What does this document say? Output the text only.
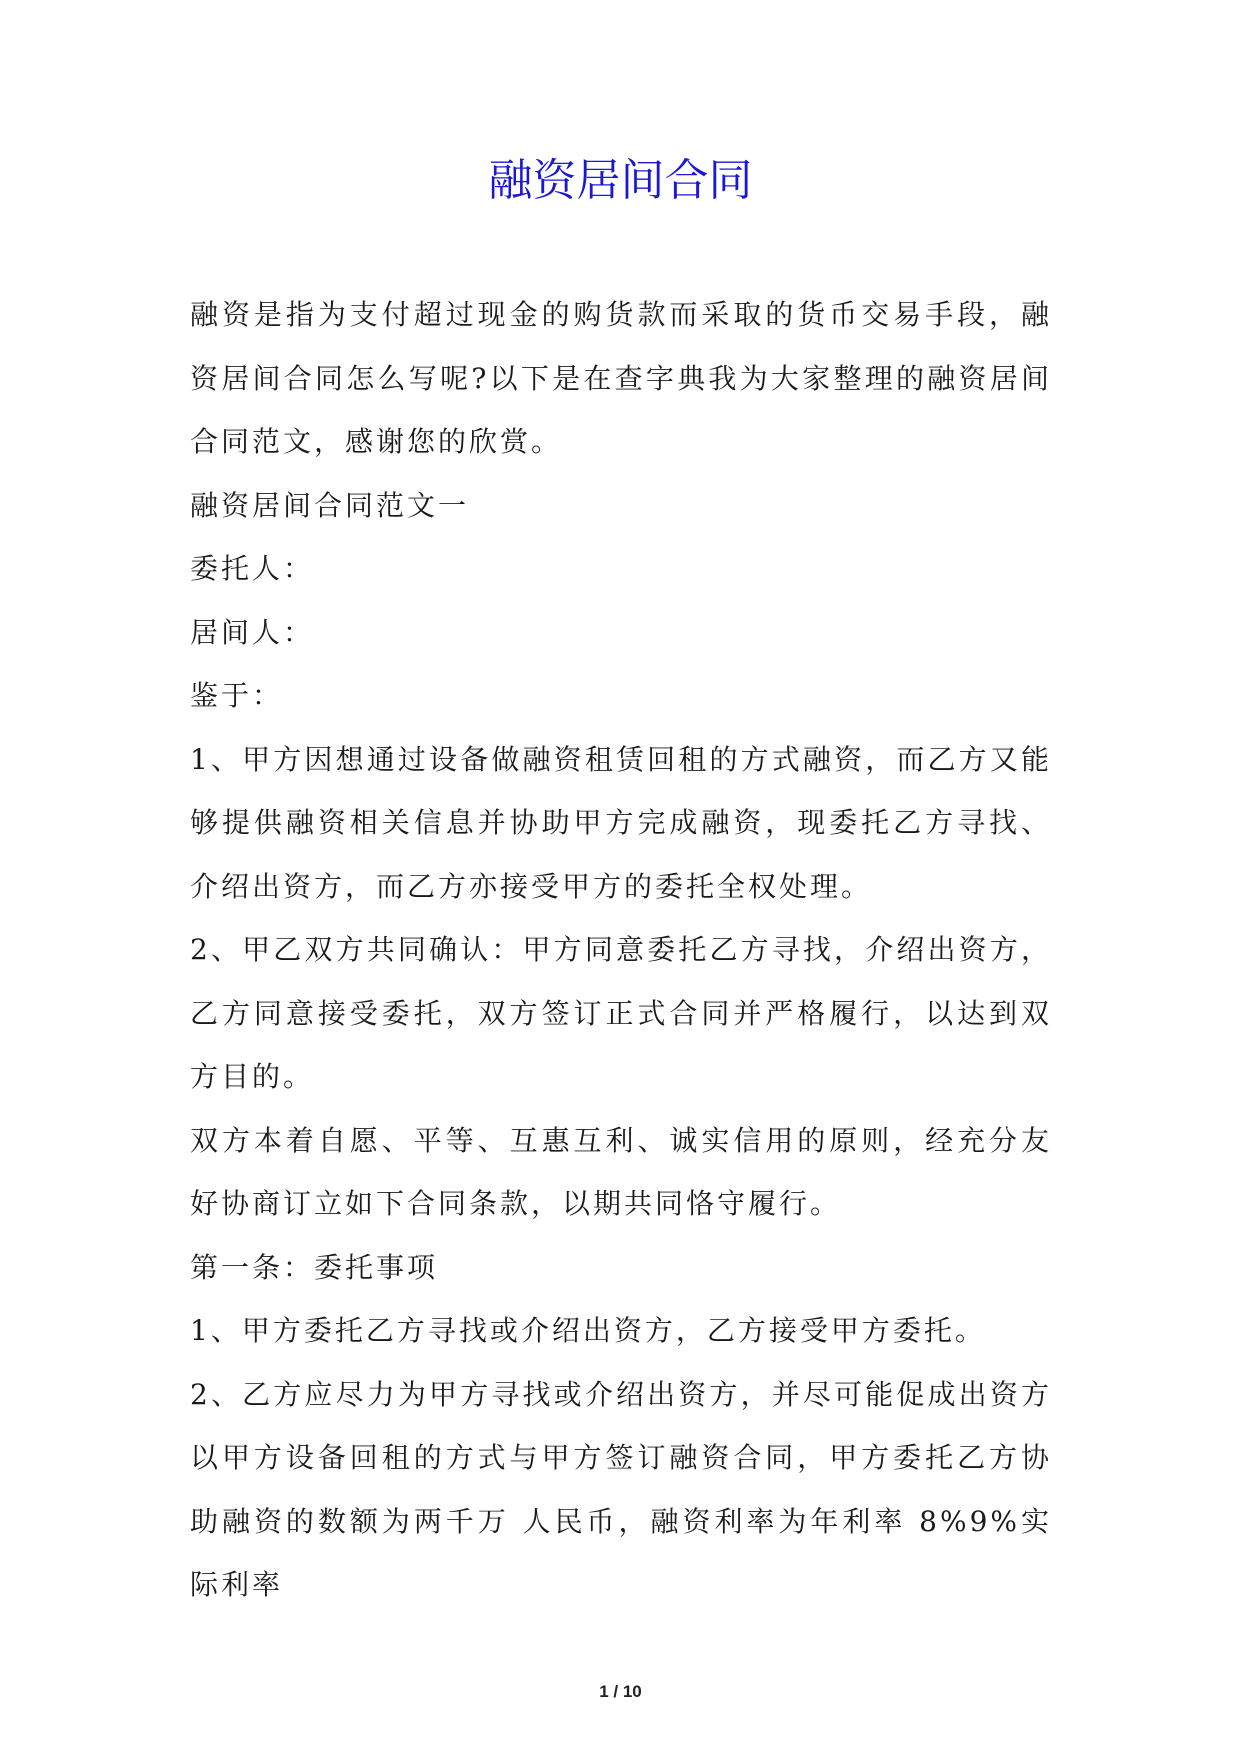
融资居间合同

融资是指为支付超过现金的购货款而采取的货币交易手段，融资居间合同怎么写呢?以下是在查字典我为大家整理的融资居间合同范文，感谢您的欣赏。

融资居间合同范文一

委托人：

居间人：

鉴于：

1、甲方因想通过设备做融资租赁回租的方式融资，而乙方又能够提供融资相关信息并协助甲方完成融资，现委托乙方寻找、介绍出资方，而乙方亦接受甲方的委托全权处理。

2、甲乙双方共同确认：甲方同意委托乙方寻找，介绍出资方，乙方同意接受委托，双方签订正式合同并严格履行，以达到双方目的。

双方本着自愿、平等、互惠互利、诚实信用的原则，经充分友好协商订立如下合同条款，以期共同恪守履行。

第一条：委托事项

1、甲方委托乙方寻找或介绍出资方，乙方接受甲方委托。

2、乙方应尽力为甲方寻找或介绍出资方，并尽可能促成出资方以甲方设备回租的方式与甲方签订融资合同，甲方委托乙方协助融资的数额为两千万 人民币，融资利率为年利率 8%9%实际利率

1 / 10
